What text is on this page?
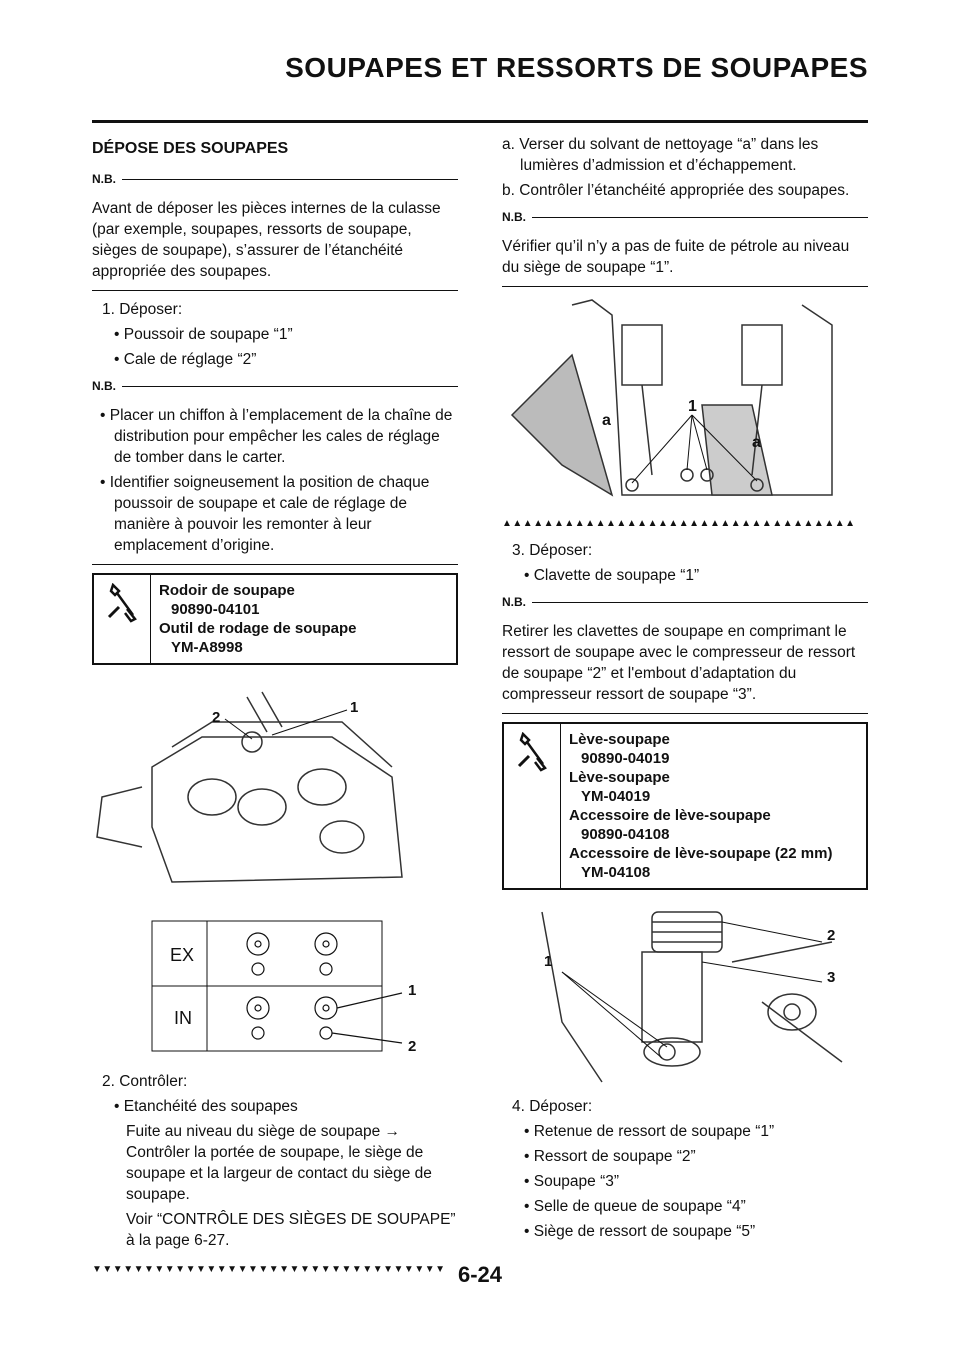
SOUPAPES ET RESSORTS DE SOUPAPES
DÉPOSE DES SOUPAPES
N.B.

Avant de déposer les pièces internes de la culasse (par exemple, soupapes, ressorts de soupape, sièges de soupape), s’assurer de l’étanchéité appropriée des soupapes.

1. Déposer:

• Poussoir de soupape “1”

• Cale de réglage “2”

N.B.

• Placer un chiffon à l’emplacement de la chaîne de distribution pour empêcher les cales de réglage de tomber dans le carter.

• Identifier soigneusement la position de chaque poussoir de soupape et cale de réglage de manière à pouvoir les remonter à leur emplacement d’origine.

Rodoir de soupape
90890-04101
Outil de rodage de soupape
YM-A8998
2
1
EX
IN
1
2

2. Contrôler:

• Etanchéité des soupapes

Fuite au niveau du siège de soupape → Contrôler la portée de soupape, le siège de soupape et la largeur de contact du siège de soupape.

Voir “CONTRÔLE DES SIÈGES DE SOUPAPE” à la page 6-27.

▼▼▼▼▼▼▼▼▼▼▼▼▼▼▼▼▼▼▼▼▼▼▼▼▼▼▼▼▼▼▼▼▼▼

a. Verser du solvant de nettoyage “a” dans les lumières d’admission et d’échappement.

b. Contrôler l’étanchéité appropriée des soupapes.

N.B.

Vérifier qu’il n’y a pas de fuite de pétrole au niveau du siège de soupape “1”.

a
1
a
▲▲▲▲▲▲▲▲▲▲▲▲▲▲▲▲▲▲▲▲▲▲▲▲▲▲▲▲▲▲▲▲▲▲

3. Déposer:

• Clavette de soupape “1”

N.B.

Retirer les clavettes de soupape en comprimant le ressort de soupape avec le compresseur de ressort de soupape “2” et l'embout d’adaptation du compresseur ressort de soupape “3”.

Lève-soupape
90890-04019
Lève-soupape
YM-04019
Accessoire de lève-soupape
90890-04108
Accessoire de lève-soupape (22 mm)
YM-04108
1
2
3

4. Déposer:

• Retenue de ressort de soupape “1”

• Ressort de soupape “2”

• Soupape “3”

• Selle de queue de soupape “4”

• Siège de ressort de soupape “5”

6-24
